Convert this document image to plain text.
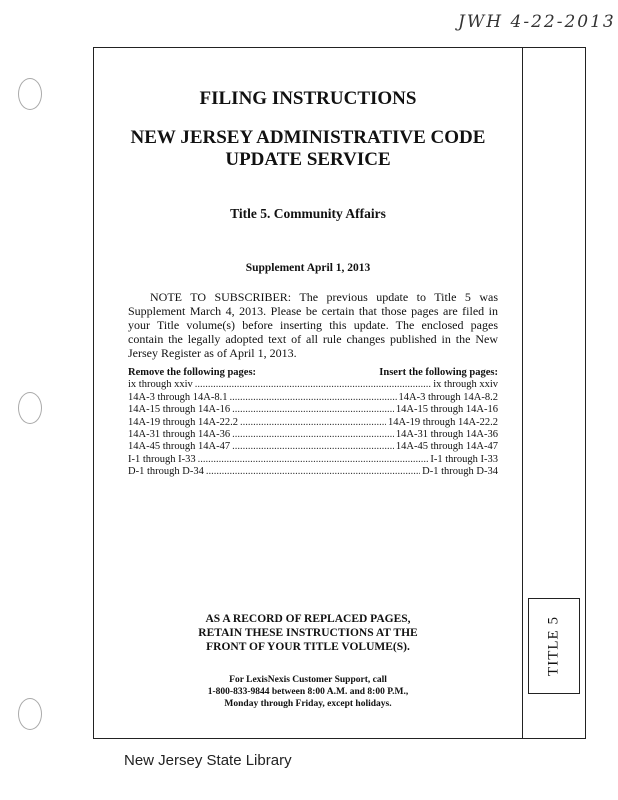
JWH 4-22-2013
TITLE 5
FILING INSTRUCTIONS
NEW JERSEY ADMINISTRATIVE CODE
UPDATE SERVICE
Title 5. Community Affairs
Supplement April 1, 2013
NOTE TO SUBSCRIBER: The previous update to Title 5 was Supplement March 4, 2013. Please be certain that those pages are filed in your Title volume(s) before inserting this update. The enclosed pages contain the legally adopted text of all rule changes published in the New Jersey Register as of April 1, 2013.
Remove the following pages:	Insert the following pages:
ix through xxiv .....	ix through xxiv
14A-3 through 14A-8.1 .....	14A-3 through 14A-8.2
14A-15 through 14A-16 .....	14A-15 through 14A-16
14A-19 through 14A-22.2 .....	14A-19 through 14A-22.2
14A-31 through 14A-36 .....	14A-31 through 14A-36
14A-45 through 14A-47 .....	14A-45 through 14A-47
I-1 through I-33 .....	I-1 through I-33
D-1 through D-34 .....	D-1 through D-34
AS A RECORD OF REPLACED PAGES,
RETAIN THESE INSTRUCTIONS AT THE
FRONT OF YOUR TITLE VOLUME(S).
For LexisNexis Customer Support, call
1-800-833-9844 between 8:00 A.M. and 8:00 P.M.,
Monday through Friday, except holidays.
New Jersey State Library
